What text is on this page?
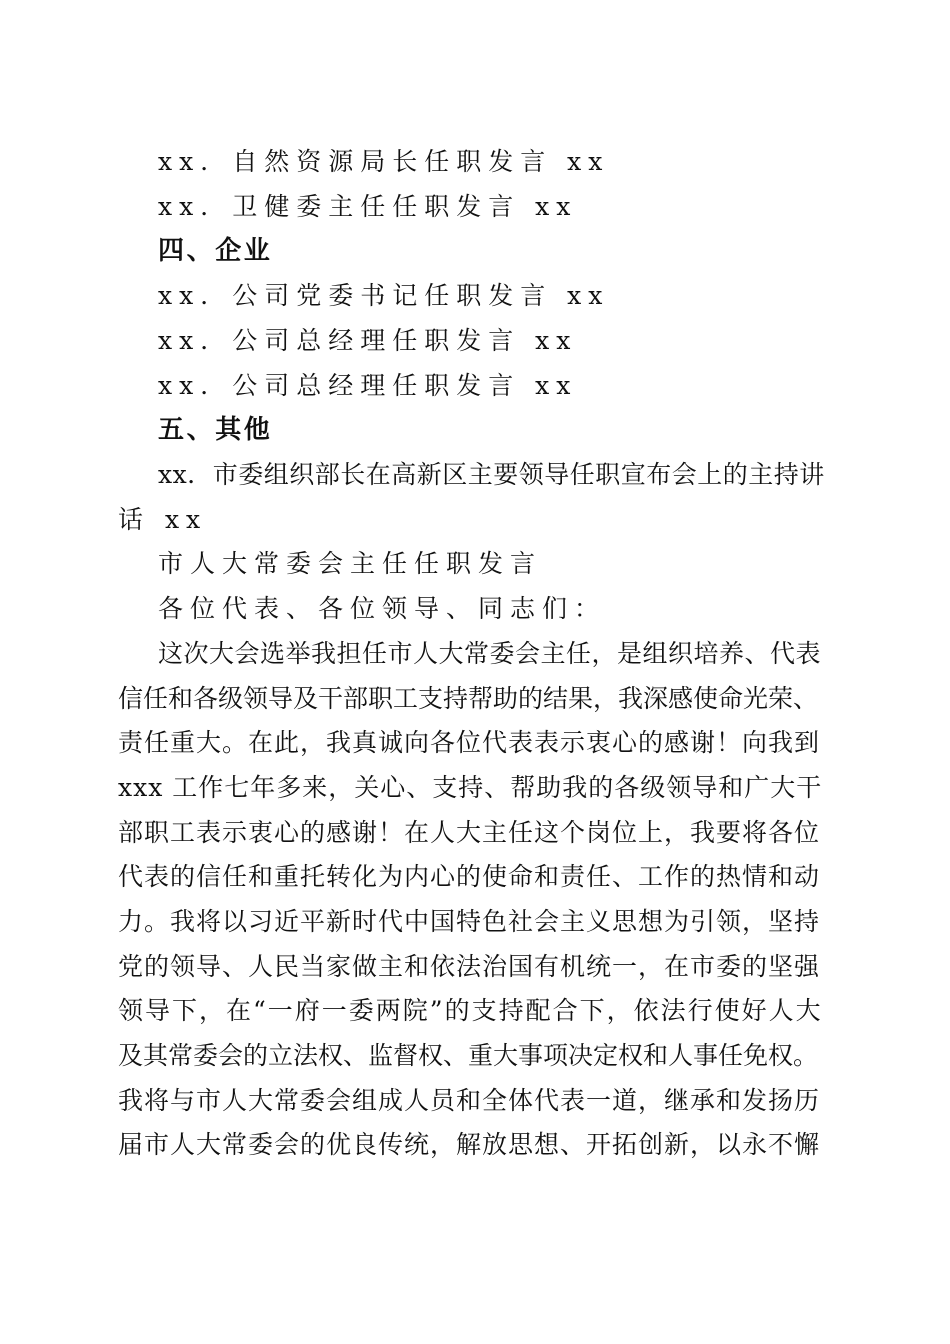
xx．自然资源局长任职发言 xx
xx．卫健委主任任职发言 xx
四、企业
xx．公司党委书记任职发言 xx
xx．公司总经理任职发言 xx
xx．公司总经理任职发言 xx
五、其他
xx．市委组织部长在高新区主要领导任职宣布会上的主持讲
话 xx
市人大常委会主任任职发言
各位代表、各位领导、同志们：
这次大会选举我担任市人大常委会主任，是组织培养、代表
信任和各级领导及干部职工支持帮助的结果，我深感使命光荣、
责任重大。在此，我真诚向各位代表表示衷心的感谢！向我到
xxx 工作七年多来，关心、支持、帮助我的各级领导和广大干
部职工表示衷心的感谢！在人大主任这个岗位上，我要将各位
代表的信任和重托转化为内心的使命和责任、工作的热情和动
力。我将以习近平新时代中国特色社会主义思想为引领，坚持
党的领导、人民当家做主和依法治国有机统一，在市委的坚强
领导下，在“一府一委两院”的支持配合下，依法行使好人大
及其常委会的立法权、监督权、重大事项决定权和人事任免权。
我将与市人大常委会组成人员和全体代表一道，继承和发扬历
届市人大常委会的优良传统，解放思想、开拓创新，以永不懈
